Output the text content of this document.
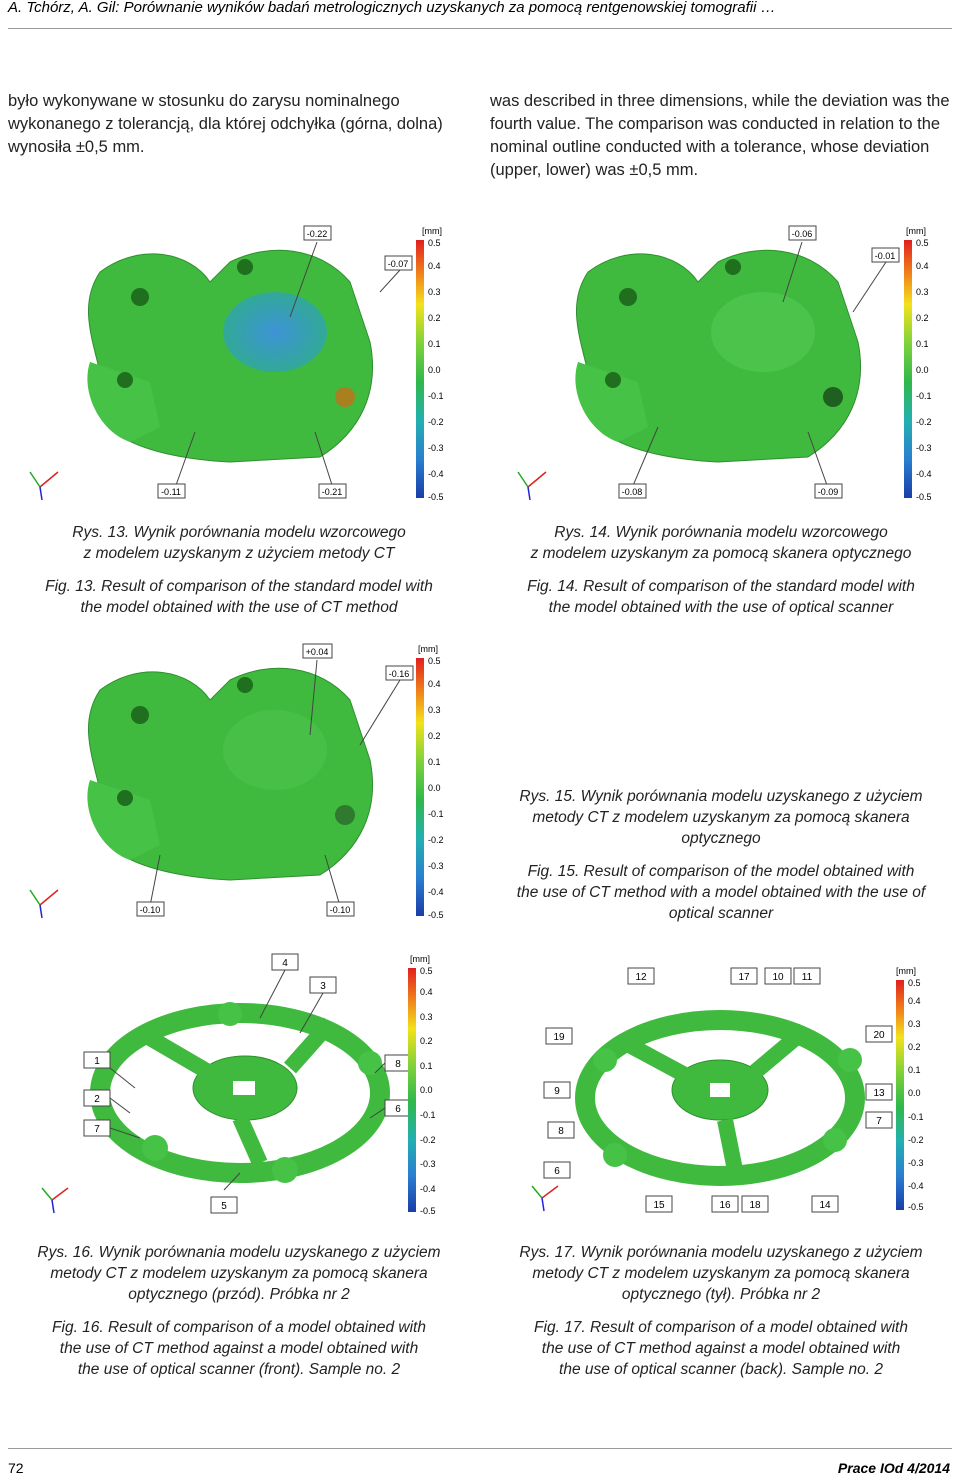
A. Tchórz, A. Gil: Porównanie wyników badań metrologicznych uzyskanych za pomocą rentgenowskiej tomografii …
było wykonywane w stosunku do zarysu nominalnego wykonanego z tolerancją, dla której odchyłka (górna, dolna) wynosiła ±0,5 mm.
was described in three dimensions, while the deviation was the fourth value. The comparison was conducted in relation to the nominal outline conducted with a tolerance, whose deviation (upper, lower) was ±0,5 mm.
-0.22
-0.07
-0.11	-0.21
[mm]
0.5
0.4
0.3
0.2
0.1
0.0
-0.1
-0.2
-0.3
-0.4
-0.5
-0.06
-0.01
-0.08	-0.09
[mm]
0.5
0.4
0.3
0.2
0.1
0.0
-0.1
-0.2
-0.3
-0.4
-0.5

Rys. 13. Wynik porównania modelu wzorcowego

z modelem uzyskanym z użyciem metody CT

Fig. 13. Result of comparison of the standard model with

the model obtained with the use of CT method

Rys. 14. Wynik porównania modelu wzorcowego

z modelem uzyskanym za pomocą skanera optycznego

Fig. 14. Result of comparison of the standard model with

the model obtained with the use of optical scanner

+0.04
-0.16
-0.10	-0.10
[mm]
0.5
0.4
0.3
0.2
0.1
0.0
-0.1
-0.2
-0.3
-0.4
-0.5

Rys. 15. Wynik porównania modelu uzyskanego z użyciem

metody CT z modelem uzyskanym za pomocą skanera

optycznego

Fig. 15. Result of comparison of the model obtained with

the use of CT method with a model obtained with the use of

optical scanner

4
3
1	8
2
6
7
5
[mm]
0.5
0.4
0.3
0.2
0.1
0.0
-0.1
-0.2
-0.3
-0.4
-0.5
12	17 10 11
19	20
9	13
8
7
6
15	16 18	14
[mm]
0.5
0.4
0.3
0.2
0.1
0.0
-0.1
-0.2
-0.3
-0.4
-0.5

Rys. 16. Wynik porównania modelu uzyskanego z użyciem

metody CT z modelem uzyskanym za pomocą skanera

optycznego (przód). Próbka nr 2

Fig. 16. Result of comparison of a model obtained with

the use of CT method against a model obtained with

the use of optical scanner (front). Sample no. 2

Rys. 17. Wynik porównania modelu uzyskanego z użyciem

metody CT z modelem uzyskanym za pomocą skanera

optycznego (tył). Próbka nr 2

Fig. 17. Result of comparison of a model obtained with

the use of CT method against a model obtained with

the use of optical scanner (back). Sample no. 2

72	Prace IOd 4/2014
